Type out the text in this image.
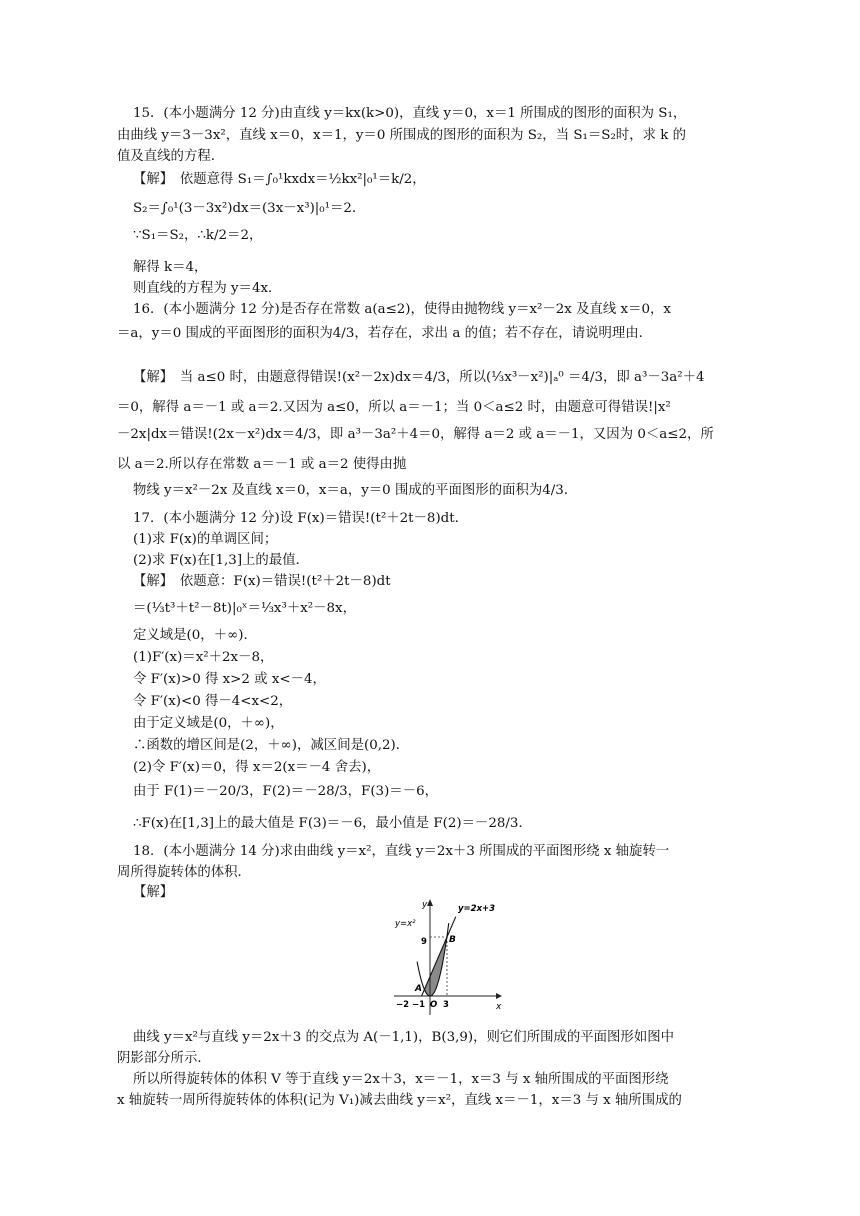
15．(本小题满分 12 分)由直线 y＝kx(k>0)，直线 y＝0，x＝1 所围成的图形的面积为 S₁，
由曲线 y＝3－3x²，直线 x＝0，x＝1，y＝0 所围成的图形的面积为 S₂，当 S₁＝S₂时，求 k 的
值及直线的方程．
【解】　依题意得 S₁＝∫₀¹kxdx＝½kx²|₀¹＝k/2，
S₂＝∫₀¹(3－3x²)dx＝(3x－x³)|₀¹＝2．
∵S₁＝S₂，∴k/2＝2，
解得 k＝4，
则直线的方程为 y＝4x．
16．(本小题满分 12 分)是否存在常数 a(a≤2)，使得由抛物线 y＝x²－2x 及直线 x＝0，x
＝a，y＝0 围成的平面图形的面积为4/3，若存在，求出 a 的值；若不存在，请说明理由．
【解】　当 a≤0 时，由题意得错误!(x²－2x)dx＝4/3，所以(⅓x³－x²)|ₐ⁰ ＝4/3，即 a³－3a²＋4
＝0，解得 a＝－1 或 a＝2.又因为 a≤0，所以 a＝－1；当 0＜a≤2 时，由题意可得错误!|x²
－2x|dx＝错误!(2x－x²)dx＝4/3，即 a³－3a²＋4＝0，解得 a＝2 或 a＝－1，又因为 0＜a≤2，所
以 a＝2.所以存在常数 a＝－1 或 a＝2 使得由抛
物线 y＝x²－2x 及直线 x＝0，x＝a，y＝0 围成的平面图形的面积为4/3.
17．(本小题满分 12 分)设 F(x)＝错误!(t²＋2t－8)dt.
(1)求 F(x)的单调区间；
(2)求 F(x)在[1,3]上的最值．
【解】　依题意：F(x)＝错误!(t²＋2t－8)dt
＝(⅓t³＋t²－8t)|₀ˣ＝⅓x³＋x²－8x，
定义域是(0，＋∞)．
(1)F′(x)＝x²＋2x－8，
令 F′(x)>0 得 x>2 或 x<－4，
令 F′(x)<0 得－4<x<2，
由于定义域是(0，＋∞)，
∴函数的增区间是(2，＋∞)，减区间是(0,2)．
(2)令 F′(x)＝0，得 x＝2(x＝－4 舍去)，
由于 F(1)＝－20/3，F(2)＝－28/3，F(3)＝－6，
∴F(x)在[1,3]上的最大值是 F(3)＝－6，最小值是 F(2)＝－28/3.
18．(本小题满分 14 分)求由曲线 y＝x²，直线 y＝2x＋3 所围成的平面图形绕 x 轴旋转一
周所得旋转体的体积．
【解】
y
x
y=x²
y=2x+3
9 B
A
−2 −1 O 3
曲线 y＝x²与直线 y＝2x＋3 的交点为 A(－1,1)，B(3,9)，则它们所围成的平面图形如图中
阴影部分所示．
所以所得旋转体的体积 V 等于直线 y＝2x＋3，x＝－1，x＝3 与 x 轴所围成的平面图形绕
x 轴旋转一周所得旋转体的体积(记为 V₁)减去曲线 y＝x²，直线 x＝－1，x＝3 与 x 轴所围成的
